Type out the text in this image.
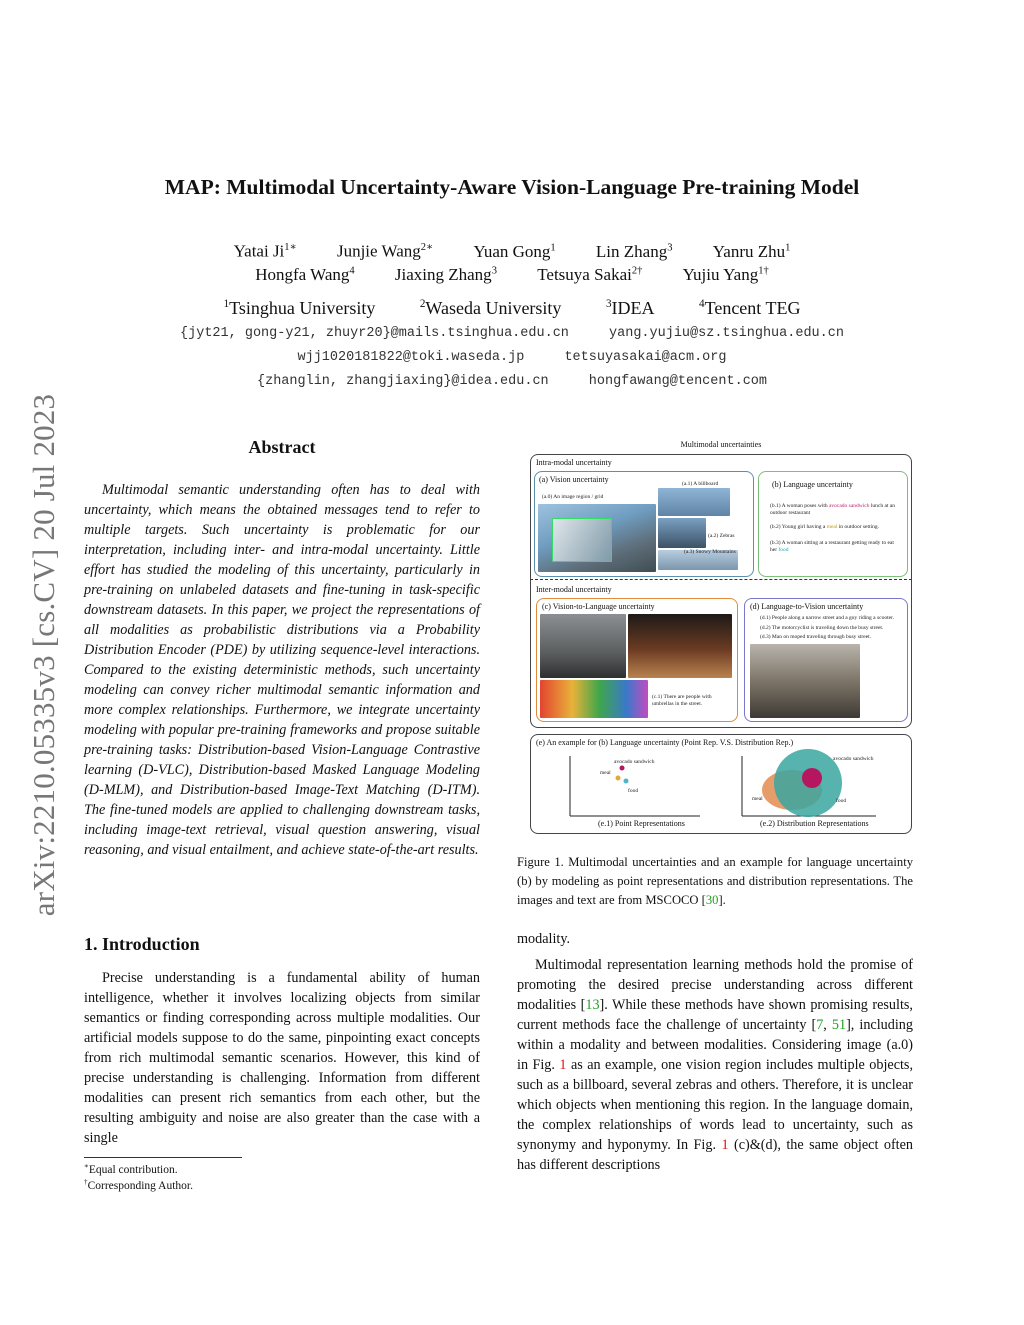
arXiv:2210.05335v3 [cs.CV] 20 Jul 2023
MAP: Multimodal Uncertainty-Aware Vision-Language Pre-training Model
Yatai $Ji^{1∗}$ Junjie Wang$^{2∗}$ Yuan Gong$^1$ Lin Zhang$^3$ Yanru Zhu$^1$
Hongfa Wang$^4$ Jiaxing Zhang$^3$ Tetsuya Sakai$^{2\dagger}$ Yujiu Yang$^{1\dagger}$
$^1$Tsinghua University	$^2$Waseda University	$^3$IDEA	$^4$Tencent TEG
{jyt21, gong-y21, zhuyr20}@mails.tsinghua.edu.cn	yang.yujiu@sz.tsinghua.edu.cn
wjj1020181822@toki.waseda.jp	tetsuyasakai@acm.org
{zhanglin, zhangjiaxing}@idea.edu.cn	hongfawang@tencent.com
Abstract
Multimodal semantic understanding often has to deal with uncertainty, which means the obtained messages tend to refer to multiple targets. Such uncertainty is problematic for our interpretation, including inter- and intra-modal uncertainty. Little effort has studied the modeling of this uncertainty, particularly in pre-training on unlabeled datasets and fine-tuning in task-specific downstream datasets. In this paper, we project the representations of all modalities as probabilistic distributions via a Probability Distribution Encoder (PDE) by utilizing sequence-level interactions. Compared to the existing deterministic methods, such uncertainty modeling can convey richer multimodal semantic information and more complex relationships. Furthermore, we integrate uncertainty modeling with popular pre-training frameworks and propose suitable pre-training tasks: Distribution-based Vision-Language Contrastive learning (D-VLC), Distribution-based Masked Language Modeling (D-MLM), and Distribution-based Image-Text Matching (D-ITM). The fine-tuned models are applied to challenging downstream tasks, including image-text retrieval, visual question answering, visual reasoning, and visual entailment, and achieve state-of-the-art results.
1. Introduction
Precise understanding is a fundamental ability of human intelligence, whether it involves localizing objects from similar semantics or finding corresponding across multiple modalities. Our artificial models suppose to do the same, pinpointing exact concepts from rich multimodal semantic scenarios. However, this kind of precise understanding is challenging. Information from different modalities can present rich semantics from each other, but the resulting ambiguity and noise are also greater than the case with a single
∗Equal contribution.
†Corresponding Author.
Multimodal uncertainties
Intra-modal uncertainty
(a) Vision uncertainty
(a.0) An image region / grid
(a.1) A billboard
(a.2) Zebras
(a.3) Snowy Mountains
(b) Language uncertainty
(b.1) A woman poses with avocado sandwich lunch at an outdoor restaurant
(b.2) Young girl having a meal in outdoor setting.
(b.3) A woman sitting at a restaurant getting ready to eat her food
Inter-modal uncertainty
(c) Vision-to-Language uncertainty
(c.1) There are people with umbrellas in the street.
(d) Language-to-Vision uncertainty
(d.1) People along a narrow street and a guy riding a scooter.
(d.2) The motorcyclist is traveling down the busy street.
(d.3) Man on moped traveling through busy street.
(e) An example for (b) Language uncertainty (Point Rep. V.S. Distribution Rep.)
avocado sandwich
meal
food
avocado sandwich
meal	food
(e.1) Point Representations	(e.2) Distribution Representations
Figure 1. Multimodal uncertainties and an example for language uncertainty (b) by modeling as point representations and distribution representations. The images and text are from MSCOCO [30].
modality.
Multimodal representation learning methods hold the promise of promoting the desired precise understanding across different modalities [13]. While these methods have shown promising results, current methods face the challenge of uncertainty [7, 51], including within a modality and between modalities. Considering image (a.0) in Fig. 1 as an example, one vision region includes multiple objects, such as a billboard, several zebras and others. Therefore, it is unclear which objects when mentioning this region. In the language domain, the complex relationships of words lead to uncertainty, such as synonymy and hyponymy. In Fig. 1 (c)&(d), the same object often has different descriptions
